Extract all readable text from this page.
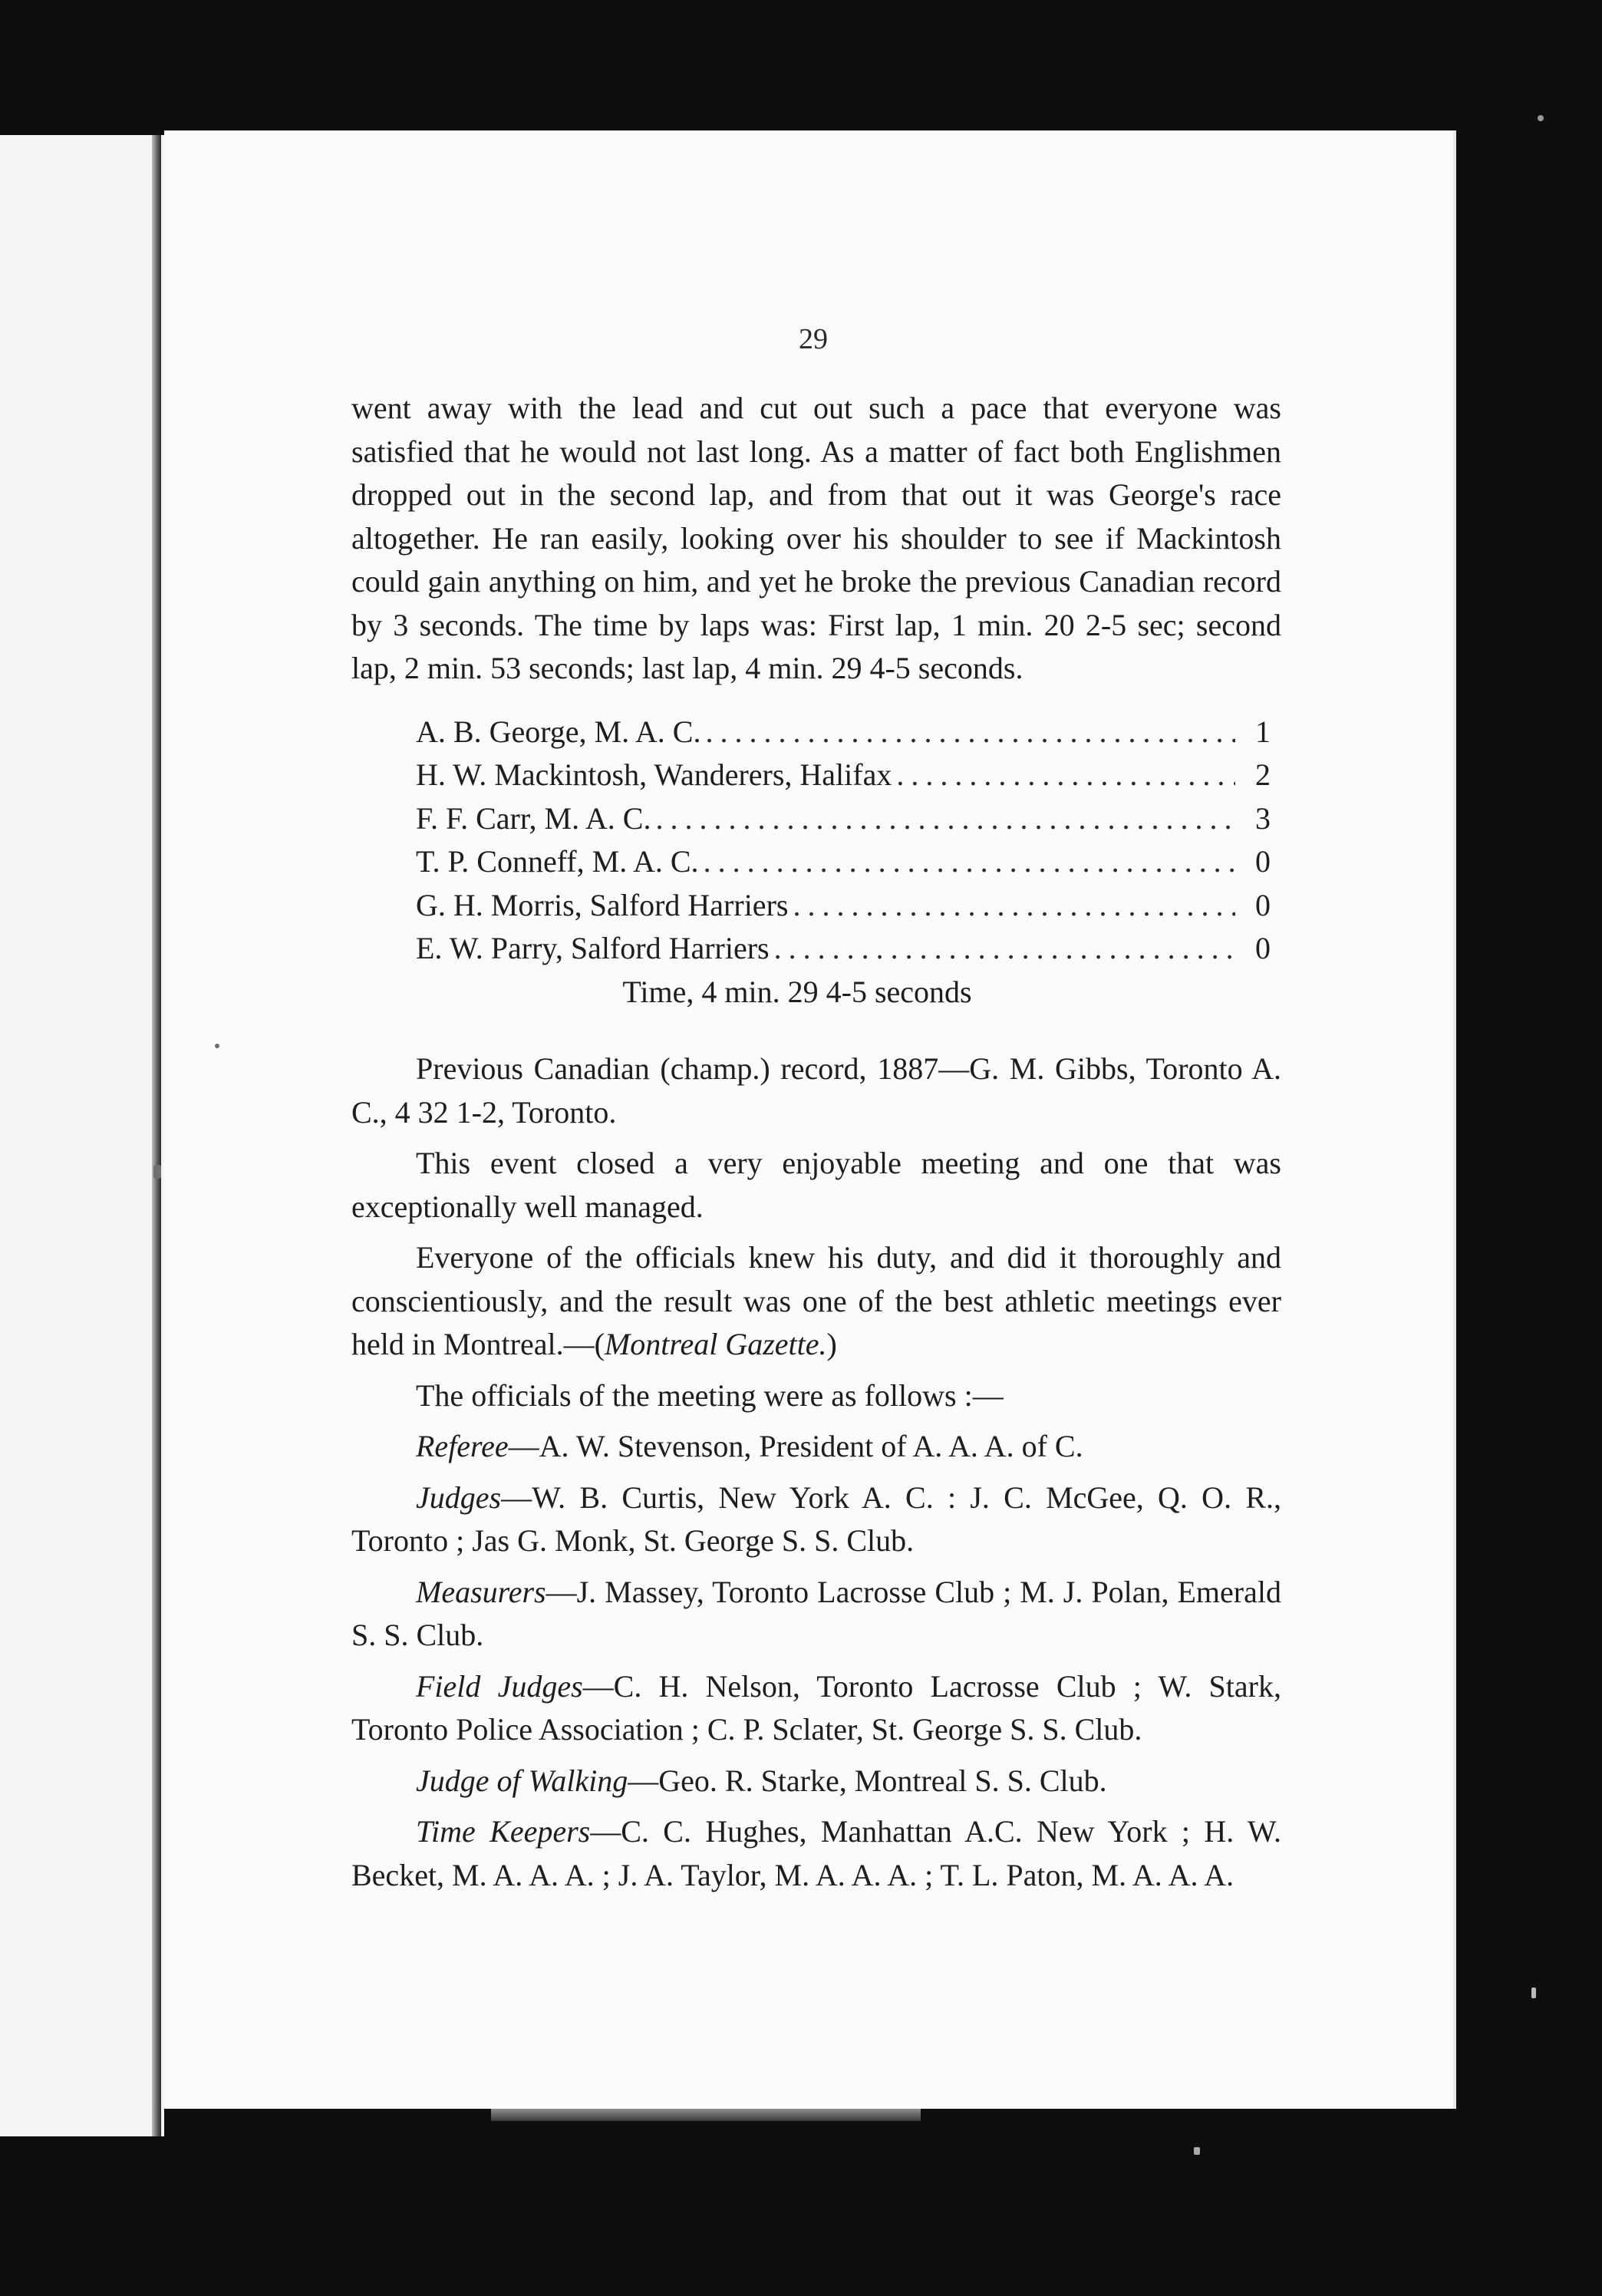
29

went away with the lead and cut out such a pace that everyone was satisfied that he would not last long. As a matter of fact both Englishmen dropped out in the second lap, and from that out it was George's race altogether. He ran easily, looking over his shoulder to see if Mackintosh could gain anything on him, and yet he broke the previous Canadian record by 3 seconds. The time by laps was: First lap, 1 min. 20 2-5 sec; second lap, 2 min. 53 seconds; last lap, 4 min. 29 4-5 seconds.

A. B. George, M. A. C. .....	1
H. W. Mackintosh, Wanderers, Halifax .....	2
F. F. Carr, M. A. C. .....	3
T. P. Conneff, M. A. C. .....	0
G. H. Morris, Salford Harriers .....	0
E. W. Parry, Salford Harriers .....	0
Time, 4 min. 29 4-5 seconds

Previous Canadian (champ.) record, 1887—G. M. Gibbs, Toronto A. C., 4 32 1-2, Toronto.

This event closed a very enjoyable meeting and one that was exceptionally well managed.

Everyone of the officials knew his duty, and did it thoroughly and conscientiously, and the result was one of the best athletic meetings ever held in Montreal.—(Montreal Gazette.)

The officials of the meeting were as follows :—

Referee—A. W. Stevenson, President of A. A. A. of C.

Judges—W. B. Curtis, New York A. C. : J. C. McGee, Q. O. R., Toronto ; Jas G. Monk, St. George S. S. Club.

Measurers—J. Massey, Toronto Lacrosse Club ; M. J. Polan, Emerald S. S. Club.

Field Judges—C. H. Nelson, Toronto Lacrosse Club ; W. Stark, Toronto Police Association ; C. P. Sclater, St. George S. S. Club.

Judge of Walking—Geo. R. Starke, Montreal S. S. Club.

Time Keepers—C. C. Hughes, Manhattan A.C. New York ; H. W. Becket, M. A. A. A. ; J. A. Taylor, M. A. A. A. ; T. L. Paton, M. A. A. A.
